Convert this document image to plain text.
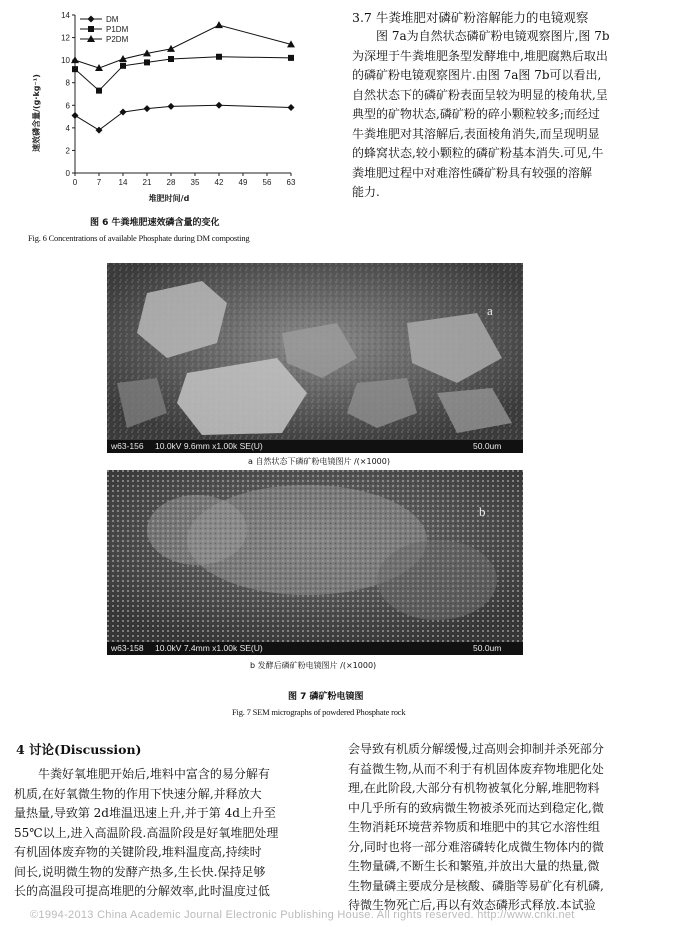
0
2
4
6
8
10
12
14
0 7 14 21 28 35 42 49 56 63
DM
P1DM
P2DM
速效磷含量/(g·kg⁻¹)
堆肥时间/d
图 6 牛粪堆肥速效磷含量的变化
Fig. 6 Concentrations of available Phosphate during DM composting
3.7 牛粪堆肥对磷矿粉溶解能力的电镜观察
图 7a为自然状态磷矿粉电镜观察图片,图 7b
为深埋于牛粪堆肥条型发酵堆中,堆肥腐熟后取出
的磷矿粉电镜观察图片.由图 7a图 7b可以看出,
自然状态下的磷矿粉表面呈较为明显的棱角状,呈
典型的矿物状态,磷矿粉的碎小颗粒较多;而经过
牛粪堆肥对其溶解后,表面棱角消失,而呈现明显
的蜂窝状态,较小颗粒的磷矿粉基本消失.可见,牛
粪堆肥过程中对难溶性磷矿粉具有较强的溶解
能力.
a
w63-156 10.0kV 9.6mm x1.00k SE(U)	50.0um
a 自然状态下磷矿粉电镜图片 /(×1000)
b
w63-158 10.0kV 7.4mm x1.00k SE(U)	50.0um
b 发酵后磷矿粉电镜图片 /(×1000)
图 7 磷矿粉电镜图
Fig. 7 SEM micrographs of powdered Phosphate rock
4 讨论(Discussion)
牛粪好氧堆肥开始后,堆料中富含的易分解有
机质,在好氧微生物的作用下快速分解,并释放大
量热量,导致第 2d堆温迅速上升,并于第 4d上升至
55℃以上,进入高温阶段.高温阶段是好氧堆肥处理
有机固体废弃物的关键阶段,堆料温度高,持续时
间长,说明微生物的发酵产热多,生长快.保持足够
长的高温段可提高堆肥的分解效率,此时温度过低
会导致有机质分解缓慢,过高则会抑制并杀死部分
有益微生物,从而不利于有机固体废弃物堆肥化处
理,在此阶段,大部分有机物被氧化分解,堆肥物料
中几乎所有的致病微生物被杀死而达到稳定化,微
生物消耗环境营养物质和堆肥中的其它水溶性组
分,同时也将一部分难溶磷转化成微生物体内的微
生物量磷,不断生长和繁殖,并放出大量的热量,微
生物量磷主要成分是核酸、磷脂等易矿化有机磷,
待微生物死亡后,再以有效态磷形式释放.本试验
©1994-2013 China Academic Journal Electronic Publishing House. All rights reserved. http://www.cnki.net
